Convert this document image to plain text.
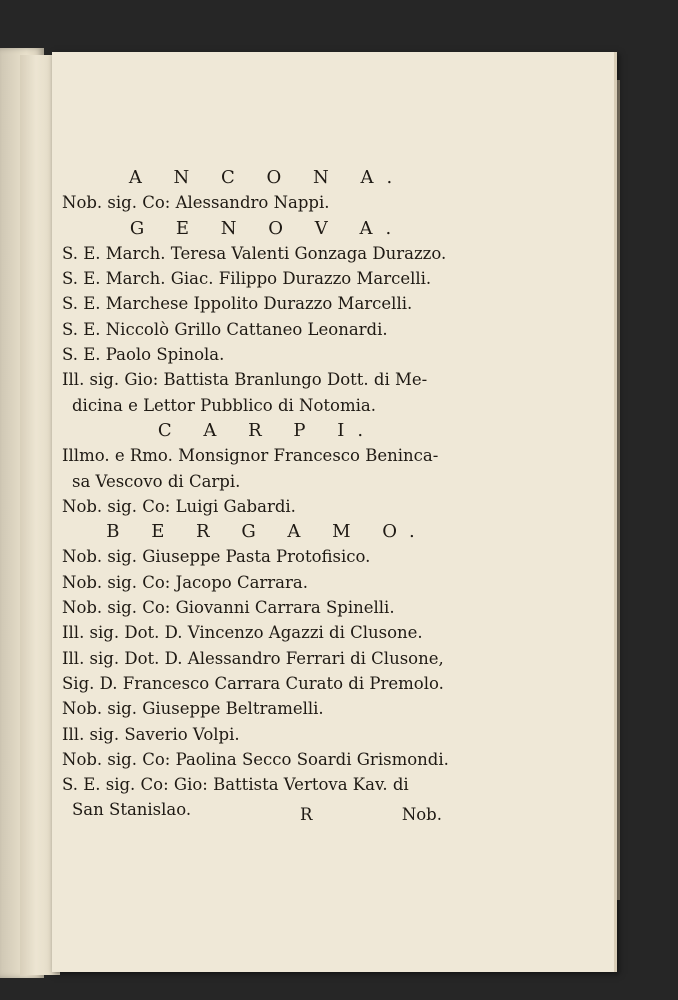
A N C O N A.
Nob. sig. Co: Alessandro Nappi.
G E N O V A.
S. E. March. Teresa Valenti Gonzaga Durazzo.
S. E. March. Giac. Filippo Durazzo Marcelli.
S. E. Marchese Ippolito Durazzo Marcelli.
S. E. Niccolò Grillo Cattaneo Leonardi.
S. E. Paolo Spinola.
Ill. sig. Gio: Battista Branlungo Dott. di Me-
dicina e Lettor Pubblico di Notomia.
C A R P I.
Illmo. e Rmo. Monsignor Francesco Beninca-
sa Vescovo di Carpi.
Nob. sig. Co: Luigi Gabardi.
B E R G A M O.
Nob. sig. Giuseppe Pasta Protofisico.
Nob. sig. Co: Jacopo Carrara.
Nob. sig. Co: Giovanni Carrara Spinelli.
Ill. sig. Dot. D. Vincenzo Agazzi di Clusone.
Ill. sig. Dot. D. Alessandro Ferrari di Clusone,
Sig. D. Francesco Carrara Curato di Premolo.
Nob. sig. Giuseppe Beltramelli.
Ill. sig. Saverio Volpi.
Nob. sig. Co: Paolina Secco Soardi Grismondi.
S. E. sig. Co: Gio: Battista Vertova Kav. di
San Stanislao.	R	Nob.
